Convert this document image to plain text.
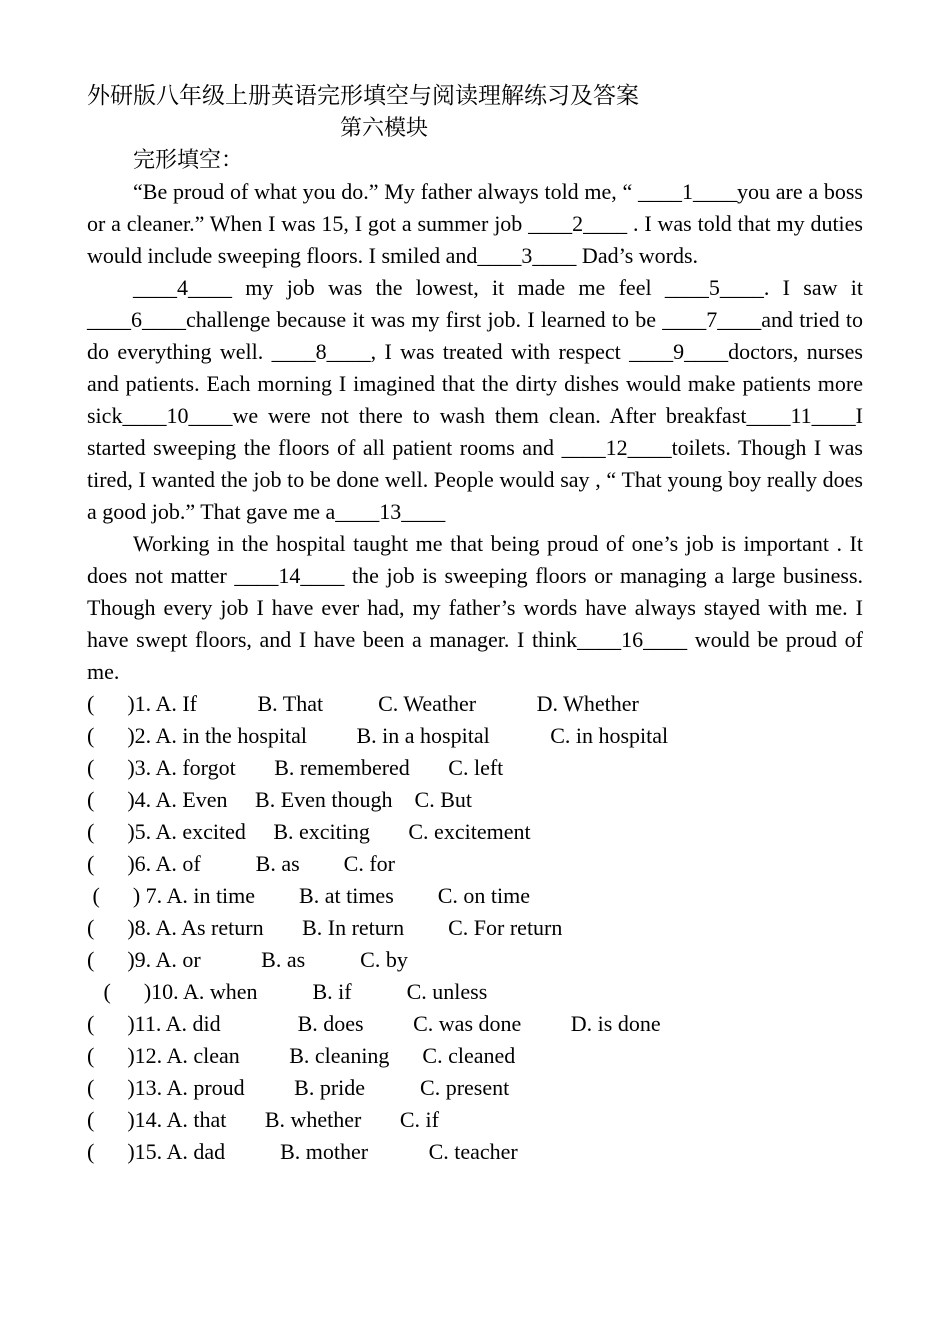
外研版八年级上册英语完形填空与阅读理解练习及答案
第六模块
完形填空：

“Be proud of what you do.” My father always told me, “ ____1____you are a boss or a cleaner.” When I was 15, I got a summer job ____2____ . I was told that my duties would include sweeping floors. I smiled and____3____ Dad’s words.

____4____ my job was the lowest, it made me feel ____5____. I saw it ____6____challenge because it was my first job. I learned to be ____7____and tried to do everything well. ____8____, I was treated with respect ____9____doctors, nurses and patients. Each morning I imagined that the dirty dishes would make patients more sick____10____we were not there to wash them clean. After breakfast____11____I started sweeping the floors of all patient rooms and ____12____toilets. Though I was tired, I wanted the job to be done well. People would say , “ That young boy really does a good job.” That gave me a____13____

Working in the hospital taught me that being proud of one’s job is important . It does not matter ____14____ the job is sweeping floors or managing a large business. Though every job I have ever had, my father’s words have always stayed with me. I have swept floors, and I have been a manager. I think____16____ would be proud of me.

(      )1. A. If           B. That          C. Weather           D. Whether
(      )2. A. in the hospital         B. in a hospital           C. in hospital
(      )3. A. forgot       B. remembered       C. left
(      )4. A. Even     B. Even though    C. But
(      )5. A. excited     B. exciting       C. excitement
(      )6. A. of          B. as        C. for
(      ) 7. A. in time        B. at times        C. on time
(      )8. A. As return       B. In return        C. For return
(      )9. A. or           B. as          C. by
(      )10. A. when          B. if          C. unless
(      )11. A. did              B. does         C. was done         D. is done
(      )12. A. clean         B. cleaning      C. cleaned
(      )13. A. proud         B. pride          C. present
(      )14. A. that       B. whether       C. if
(      )15. A. dad          B. mother           C. teacher
